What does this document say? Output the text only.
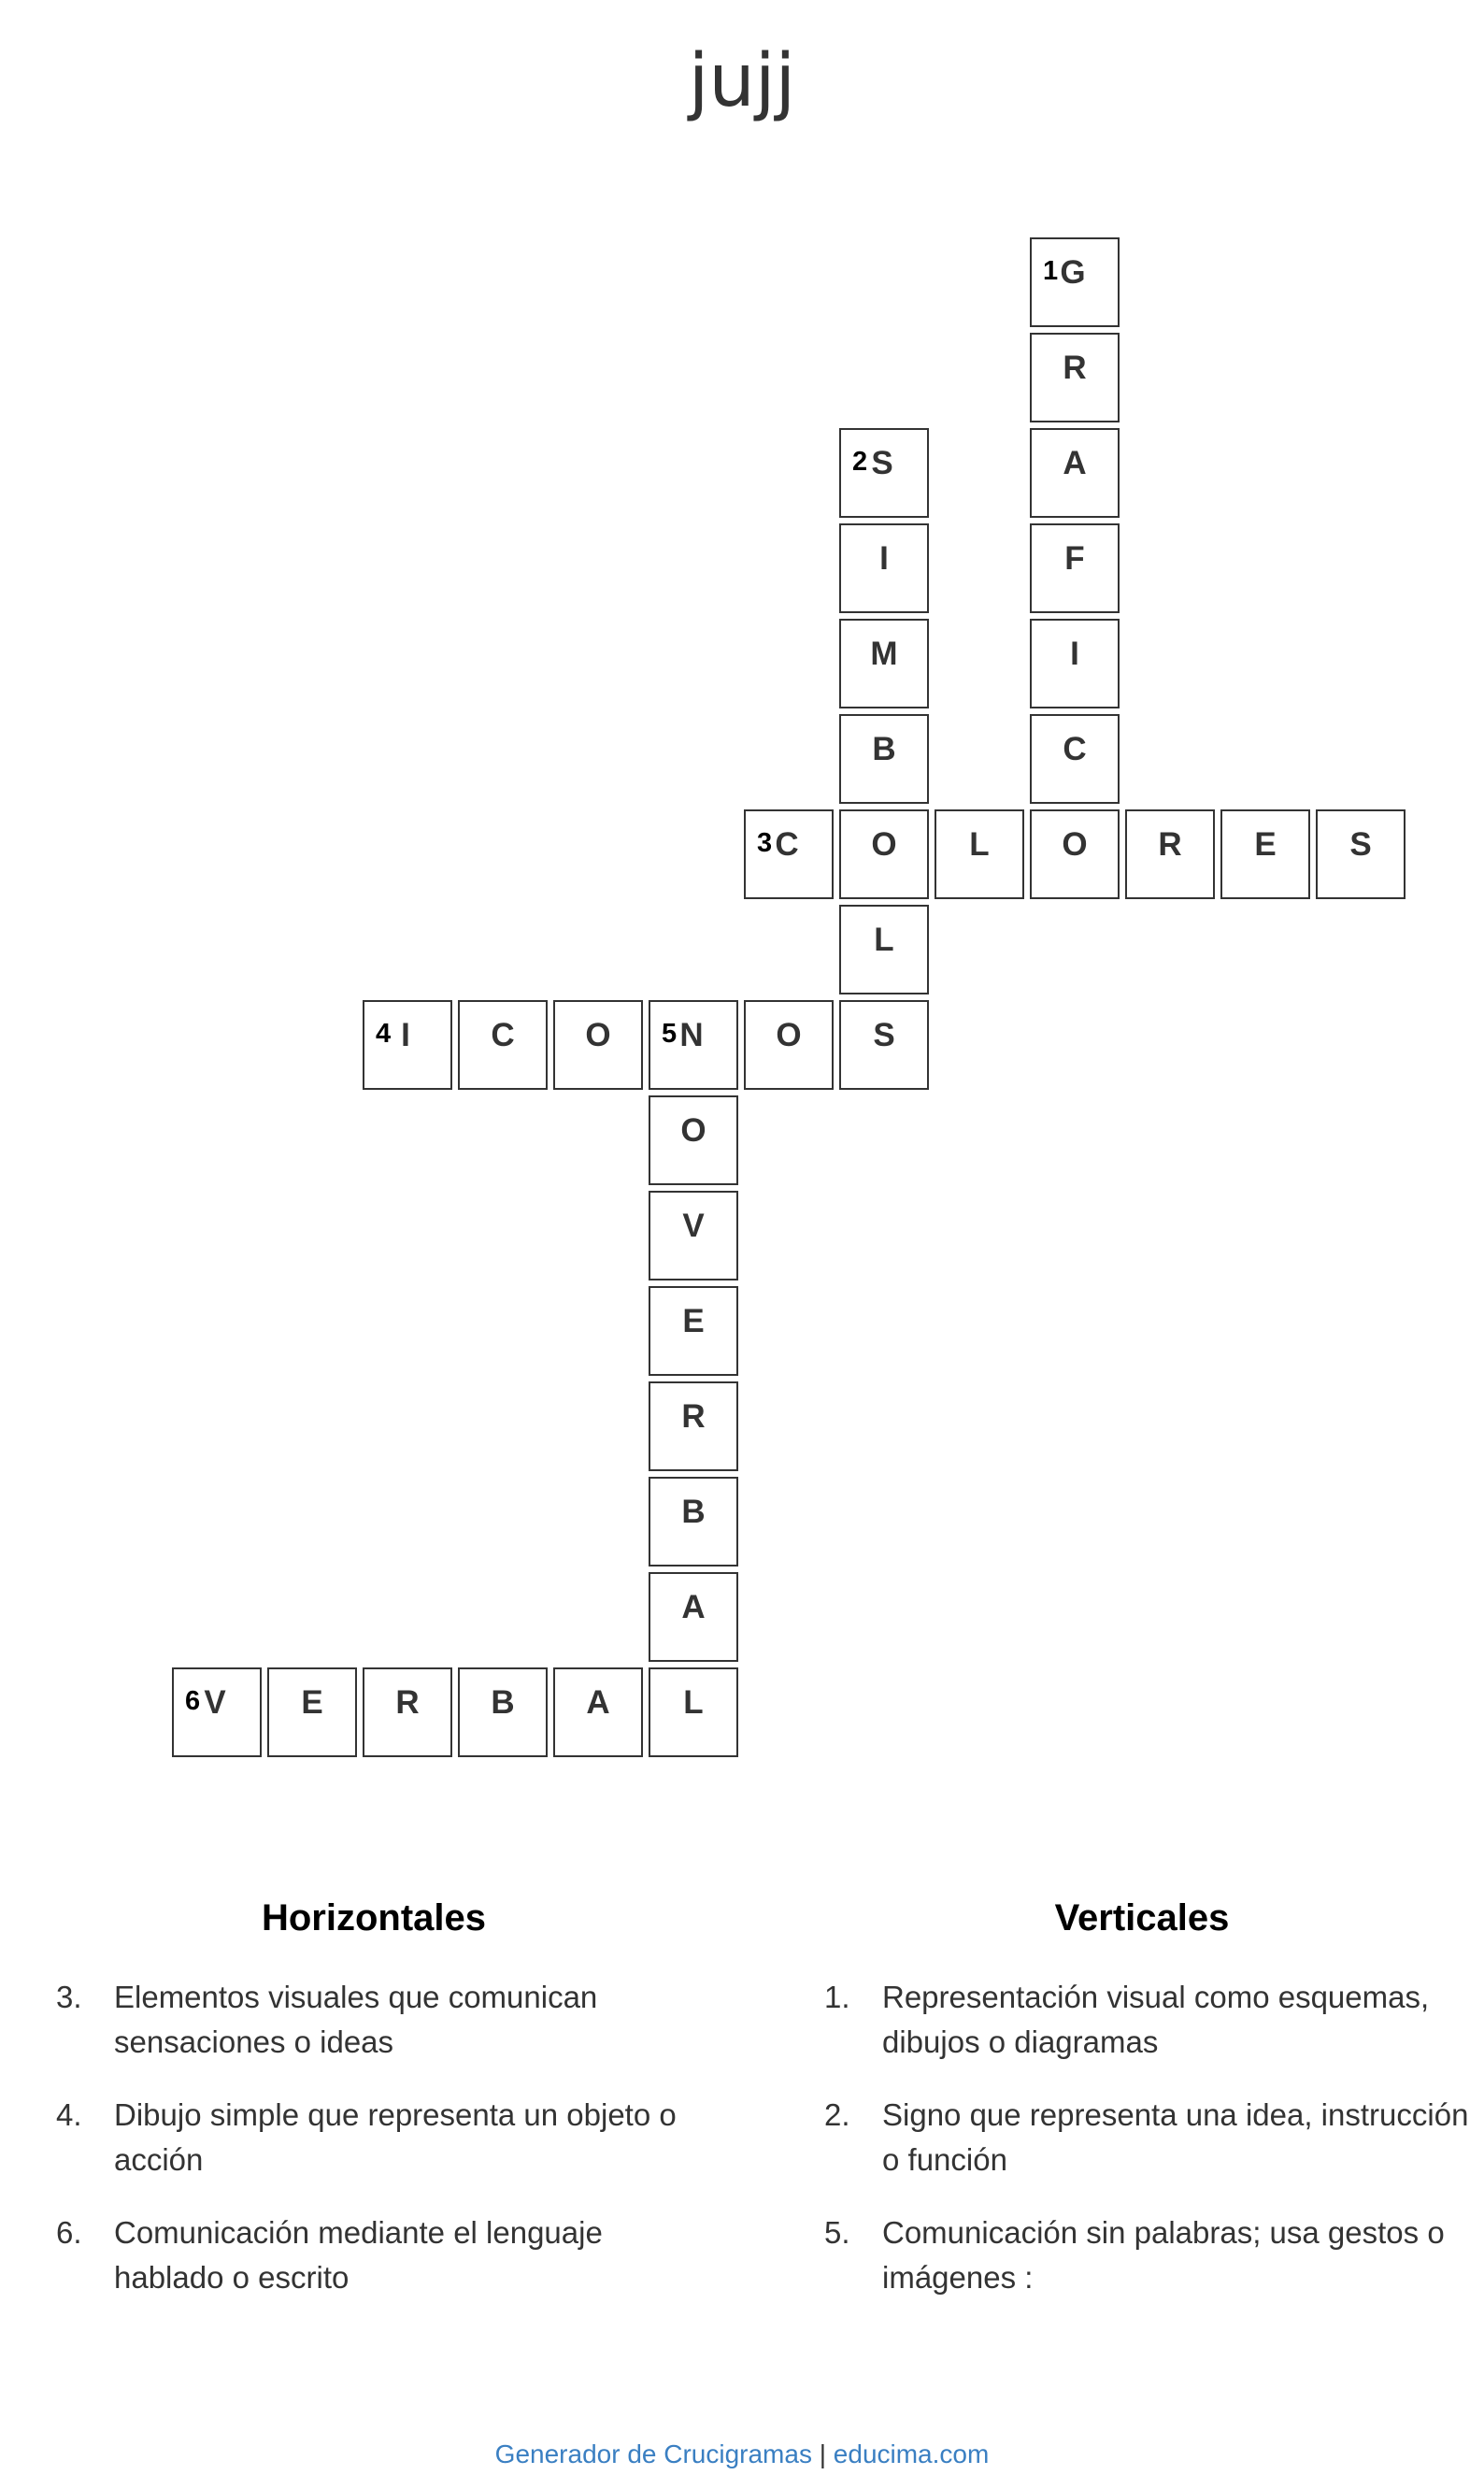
jujj
1 G
R
2 S	A
I	F
M	I
B	C
3 C	O	L	O	R	E	S
L
4 I	C	O	5 N	O	S
O
V
E
R
B
A
6 V	E	R	B	A	L
Horizontales
3. Elementos visuales que comunican sensaciones o ideas
4. Dibujo simple que representa un objeto o acción
6. Comunicación mediante el lenguaje hablado o escrito
Verticales
1. Representación visual como esquemas, dibujos o diagramas
2. Signo que representa una idea, instrucción o función
5. Comunicación sin palabras; usa gestos o imágenes :
Generador de Crucigramas | educima.com
